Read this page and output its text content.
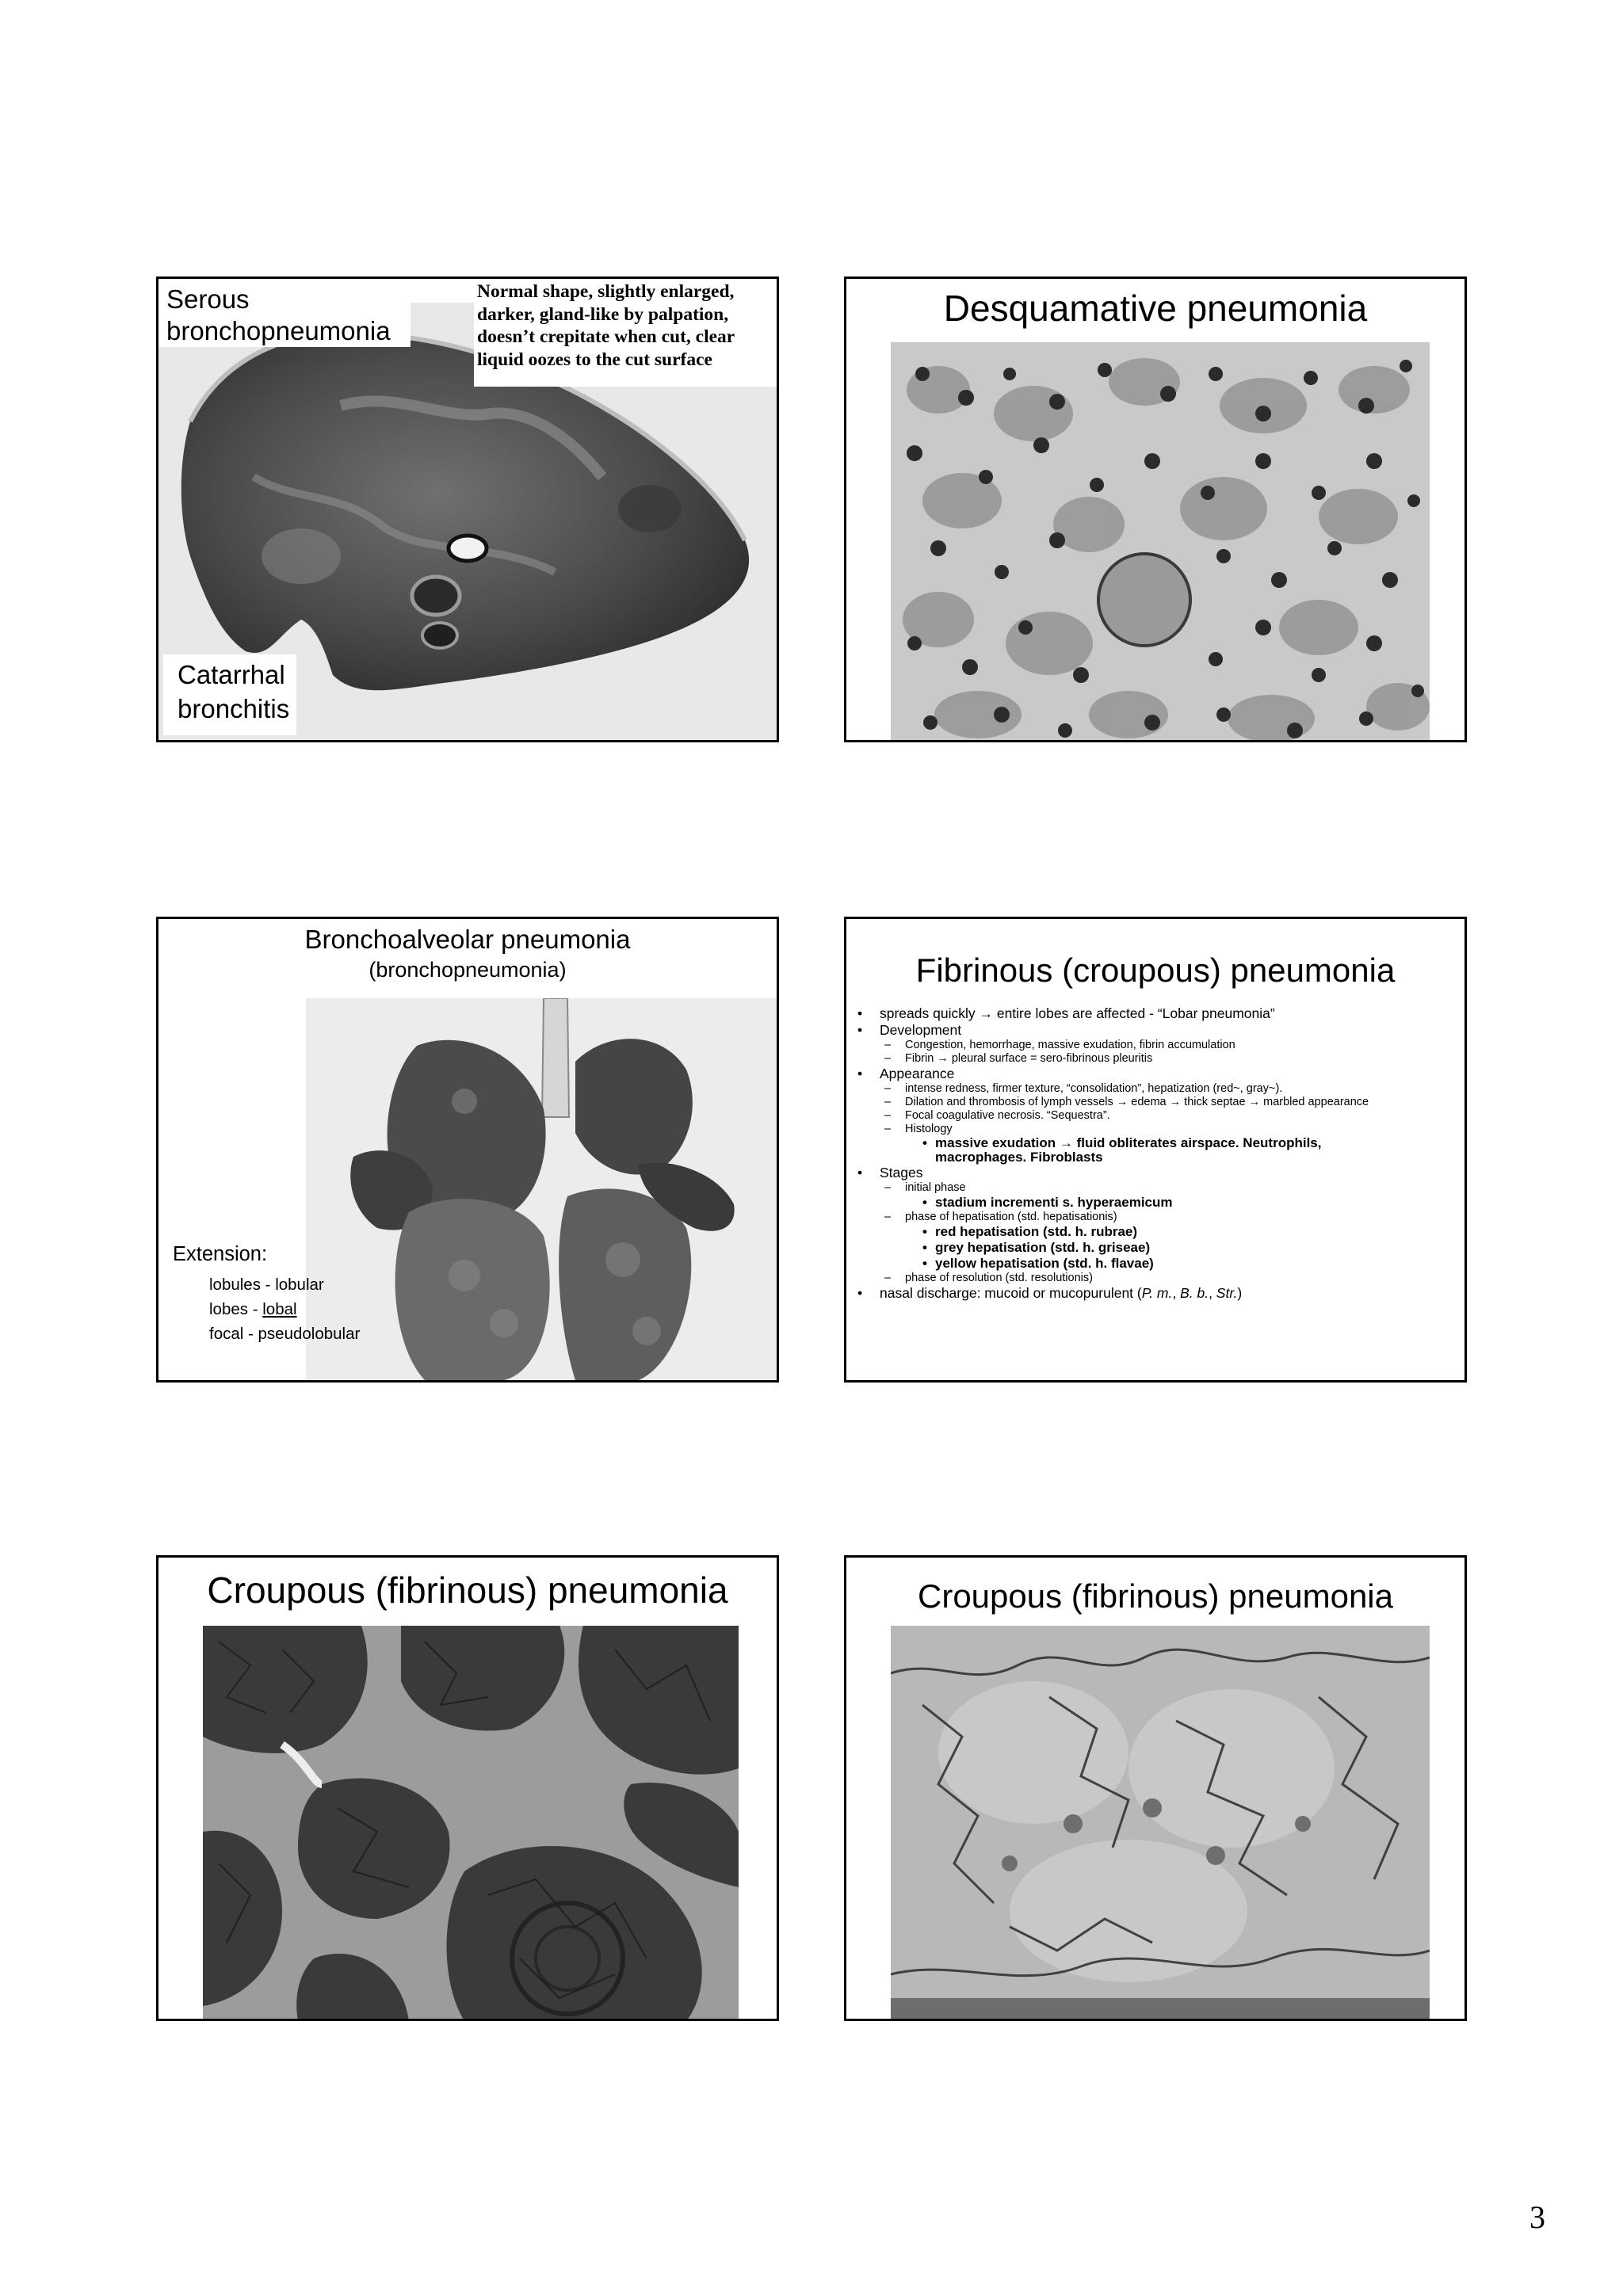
Serous
bronchopneumonia
Normal shape, slightly enlarged,
darker, gland-like by palpation,
doesn’t crepitate when cut, clear
liquid oozes to the cut surface
Catarrhal
bronchitis
Desquamative pneumonia
Bronchoalveolar pneumonia
(bronchopneumonia)
Extension:
lobules - lobular
lobes - lobal
focal - pseudolobular
Fibrinous (croupous) pneumonia
• spreads quickly → entire lobes are affected - “Lobar pneumonia”
• Development
– Congestion, hemorrhage, massive exudation, fibrin accumulation
– Fibrin → pleural surface = sero-fibrinous pleuritis
• Appearance
– intense redness, firmer texture, “consolidation”, hepatization (red~, gray~).
– Dilation and thrombosis of lymph vessels → edema → thick septae → marbled appearance
– Focal coagulative necrosis. “Sequestra”.
– Histology
• massive exudation → fluid obliterates airspace. Neutrophils, macrophages. Fibroblasts
• Stages
– initial phase
• stadium incrementi s. hyperaemicum
– phase of hepatisation (std. hepatisationis)
• red hepatisation (std. h. rubrae)
• grey hepatisation (std. h. griseae)
• yellow hepatisation (std. h. flavae)
– phase of resolution (std. resolutionis)
• nasal discharge: mucoid or mucopurulent (P. m., B. b., Str.)
Croupous (fibrinous) pneumonia	Croupous (fibrinous) pneumonia
3
